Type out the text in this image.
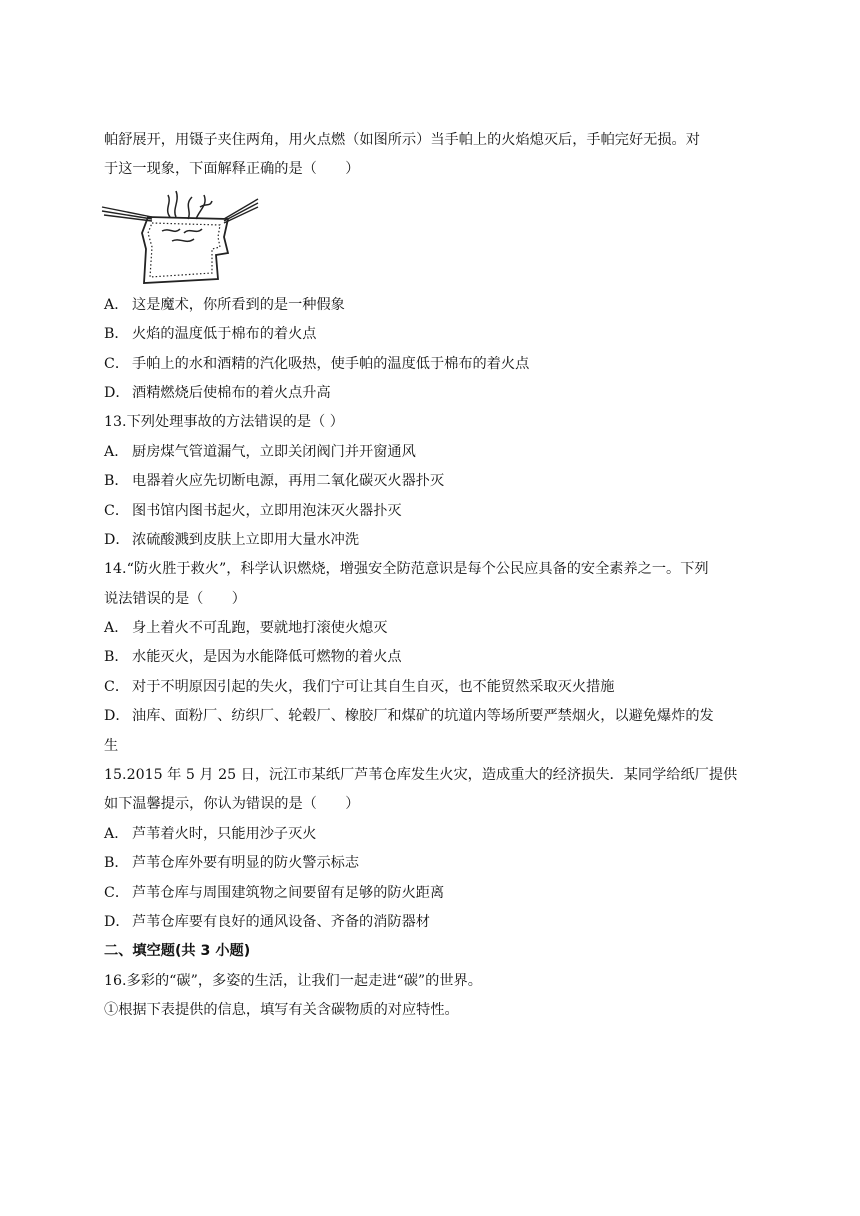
帕舒展开，用镊子夹住两角，用火点燃（如图所示）当手帕上的火焰熄灭后，手帕完好无损。对
于这一现象，下面解释正确的是（　　）
A． 这是魔术，你所看到的是一种假象
B． 火焰的温度低于棉布的着火点
C． 手帕上的水和酒精的汽化吸热，使手帕的温度低于棉布的着火点
D． 酒精燃烧后使棉布的着火点升高
13.下列处理事故的方法错误的是（ ）
A． 厨房煤气管道漏气，立即关闭阀门并开窗通风
B． 电器着火应先切断电源，再用二氧化碳灭火器扑灭
C． 图书馆内图书起火，立即用泡沫灭火器扑灭
D． 浓硫酸溅到皮肤上立即用大量水冲洗
14.“防火胜于救火”，科学认识燃烧，增强安全防范意识是每个公民应具备的安全素养之一。下列
说法错误的是（　　）
A． 身上着火不可乱跑，要就地打滚使火熄灭
B． 水能灭火，是因为水能降低可燃物的着火点
C． 对于不明原因引起的失火，我们宁可让其自生自灭，也不能贸然采取灭火措施
D． 油库、面粉厂、纺织厂、轮毂厂、橡胶厂和煤矿的坑道内等场所要严禁烟火，以避免爆炸的发
生
15.2015 年 5 月 25 日，沅江市某纸厂芦苇仓库发生火灾，造成重大的经济损失．某同学给纸厂提供
如下温馨提示，你认为错误的是（　　）
A． 芦苇着火时，只能用沙子灭火
B． 芦苇仓库外要有明显的防火警示标志
C． 芦苇仓库与周围建筑物之间要留有足够的防火距离
D． 芦苇仓库要有良好的通风设备、齐备的消防器材
二、填空题(共 3 小题)
16.多彩的“碳”，多姿的生活，让我们一起走进“碳”的世界。
①根据下表提供的信息，填写有关含碳物质的对应特性。
